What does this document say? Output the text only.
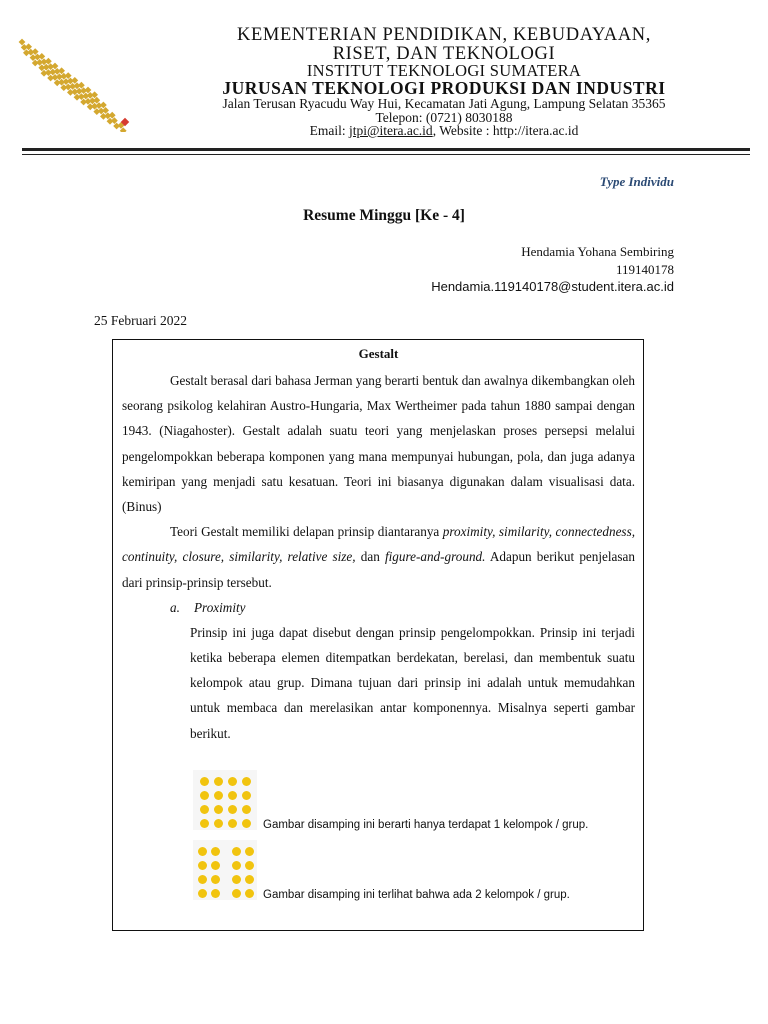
KEMENTERIAN PENDIDIKAN, KEBUDAYAAN,
RISET, DAN TEKNOLOGI
INSTITUT TEKNOLOGI SUMATERA
JURUSAN TEKNOLOGI PRODUKSI DAN INDUSTRI
Jalan Terusan Ryacudu Way Hui, Kecamatan Jati Agung, Lampung Selatan 35365
Telepon: (0721) 8030188
Email: jtpi@itera.ac.id, Website : http://itera.ac.id
Type Individu
Resume Minggu [Ke - 4]
Hendamia Yohana Sembiring
119140178
Hendamia.119140178@student.itera.ac.id
25 Februari 2022
Gestalt

Gestalt berasal dari bahasa Jerman yang berarti bentuk dan awalnya dikembangkan oleh seorang psikolog kelahiran Austro-Hungaria, Max Wertheimer pada tahun 1880 sampai dengan 1943. (Niagahoster). Gestalt adalah suatu teori yang menjelaskan proses persepsi melalui pengelompokkan beberapa komponen yang mana mempunyai hubungan, pola, dan juga adanya kemiripan yang menjadi satu kesatuan. Teori ini biasanya digunakan dalam visualisasi data. (Binus)

Teori Gestalt memiliki delapan prinsip diantaranya proximity, similarity, connectedness, continuity, closure, similarity, relative size, dan figure-and-ground. Adapun berikut penjelasan dari prinsip-prinsip tersebut.

a. Proximity

Prinsip ini juga dapat disebut dengan prinsip pengelompokkan. Prinsip ini terjadi ketika beberapa elemen ditempatkan berdekatan, berelasi, dan membentuk suatu kelompok atau grup. Dimana tujuan dari prinsip ini adalah untuk memudahkan untuk membaca dan merelasikan antar komponennya. Misalnya seperti gambar berikut.

Gambar disamping ini berarti hanya terdapat 1 kelompok / grup.
Gambar disamping ini terlihat bahwa ada 2 kelompok / grup.
